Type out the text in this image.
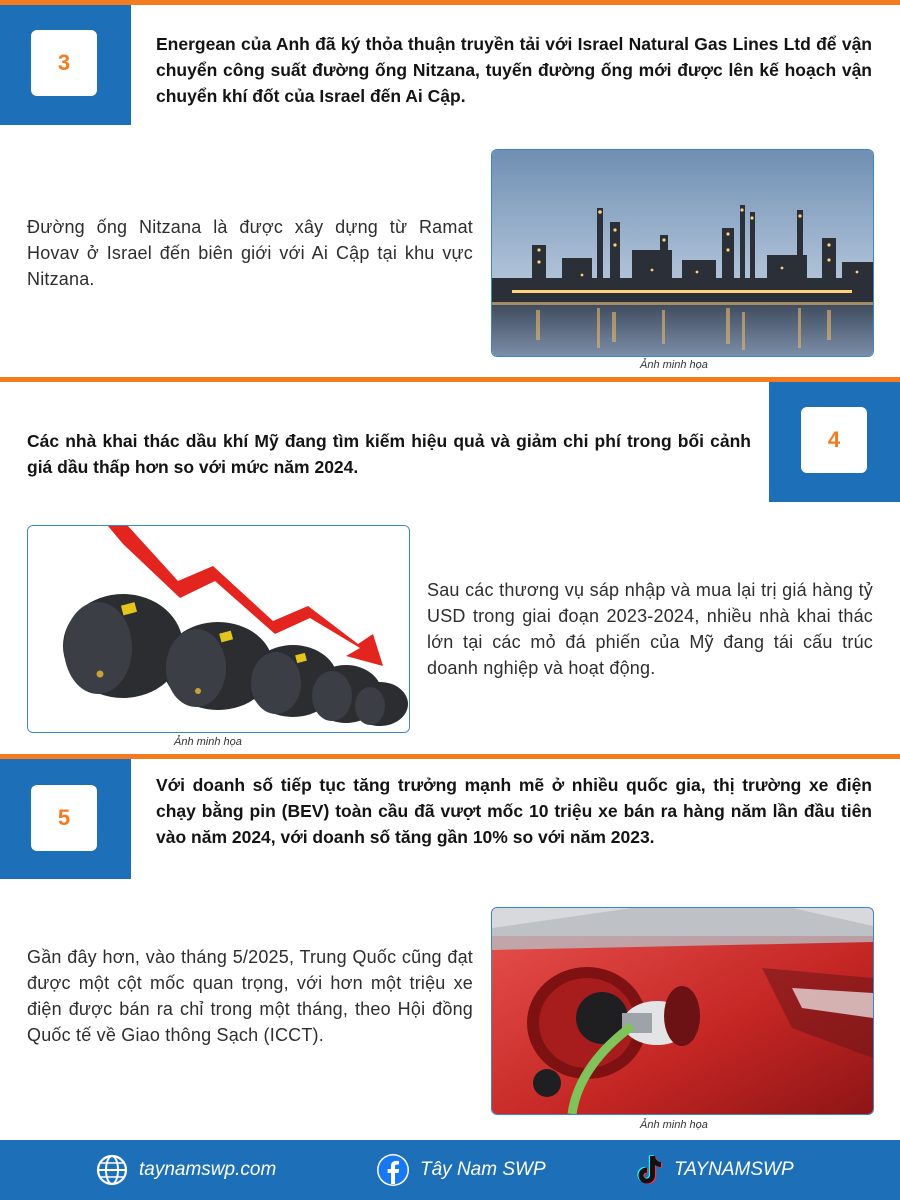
3
Energean của Anh đã ký thỏa thuận truyền tải với Israel Natural Gas Lines Ltd để vận chuyển công suất đường ống Nitzana, tuyến đường ống mới được lên kế hoạch vận chuyển khí đốt của Israel đến Ai Cập.
Đường ống Nitzana là được xây dựng từ Ramat Hovav ở Israel đến biên giới với Ai Cập tại khu vực Nitzana.
Ảnh minh họa
4
Các nhà khai thác dầu khí Mỹ đang tìm kiếm hiệu quả và giảm chi phí trong bối cảnh giá dầu thấp hơn so với mức năm 2024.
Ảnh minh họa
Sau các thương vụ sáp nhập và mua lại trị giá hàng tỷ USD trong giai đoạn 2023-2024, nhiều nhà khai thác lớn tại các mỏ đá phiến của Mỹ đang tái cấu trúc doanh nghiệp và hoạt động.
5
Với doanh số tiếp tục tăng trưởng mạnh mẽ ở nhiều quốc gia, thị trường xe điện chạy bằng pin (BEV) toàn cầu đã vượt mốc 10 triệu xe bán ra hàng năm lần đầu tiên vào năm 2024, với doanh số tăng gần 10% so với năm 2023.
Gần đây hơn, vào tháng 5/2025, Trung Quốc cũng đạt được một cột mốc quan trọng, với hơn một triệu xe điện được bán ra chỉ trong một tháng, theo Hội đồng Quốc tế về Giao thông Sạch (ICCT).
Ảnh minh họa
taynamswp.com	Tây Nam SWP	TAYNAMSWP
